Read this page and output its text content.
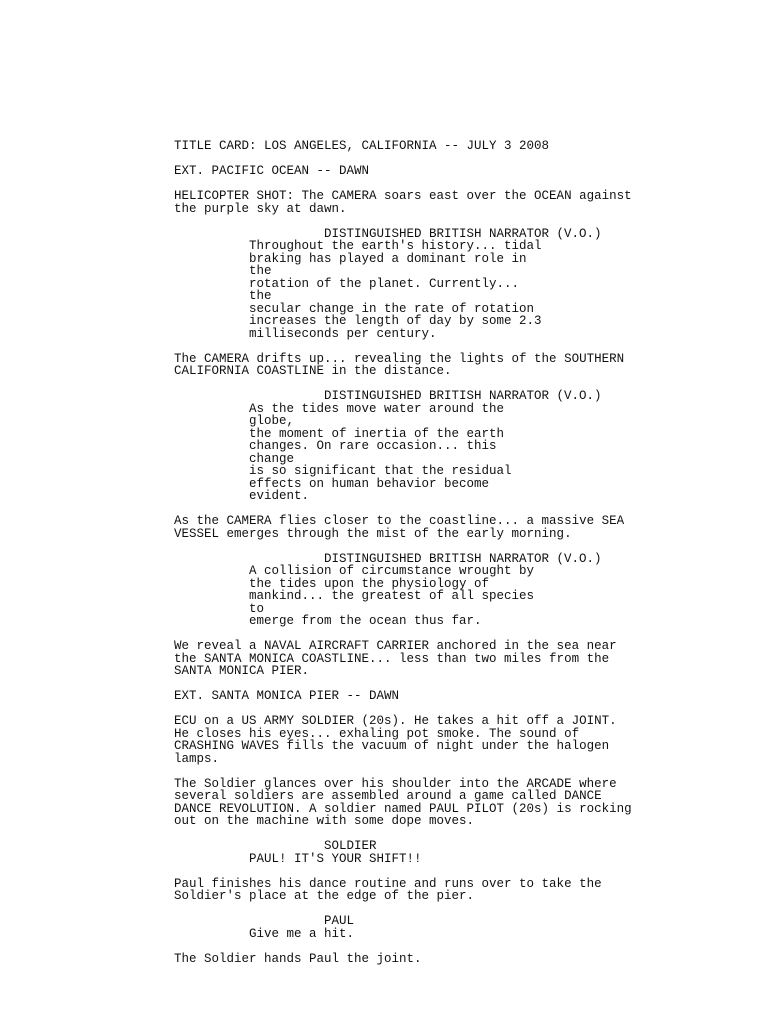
TITLE CARD: LOS ANGELES, CALIFORNIA -- JULY 3 2008
EXT. PACIFIC OCEAN -- DAWN
HELICOPTER SHOT: The CAMERA soars east over the OCEAN against
the purple sky at dawn.
DISTINGUISHED BRITISH NARRATOR (V.O.)
Throughout the earth's history... tidal
braking has played a dominant role in the
rotation of the planet. Currently... the
secular change in the rate of rotation
increases the length of day by some 2.3
milliseconds per century.
The CAMERA drifts up... revealing the lights of the SOUTHERN
CALIFORNIA COASTLINE in the distance.
DISTINGUISHED BRITISH NARRATOR (V.O.)
As the tides move water around the globe,
the moment of inertia of the earth
changes. On rare occasion... this change
is so significant that the residual
effects on human behavior become evident.
As the CAMERA flies closer to the coastline... a massive SEA
VESSEL emerges through the mist of the early morning.
DISTINGUISHED BRITISH NARRATOR (V.O.)
A collision of circumstance wrought by
the tides upon the physiology of
mankind... the greatest of all species to
emerge from the ocean thus far.
We reveal a NAVAL AIRCRAFT CARRIER anchored in the sea near
the SANTA MONICA COASTLINE... less than two miles from the
SANTA MONICA PIER.
EXT. SANTA MONICA PIER -- DAWN
ECU on a US ARMY SOLDIER (20s). He takes a hit off a JOINT.
He closes his eyes... exhaling pot smoke. The sound of
CRASHING WAVES fills the vacuum of night under the halogen
lamps.
The Soldier glances over his shoulder into the ARCADE where
several soldiers are assembled around a game called DANCE
DANCE REVOLUTION. A soldier named PAUL PILOT (20s) is rocking
out on the machine with some dope moves.
SOLDIER
PAUL! IT'S YOUR SHIFT!!
Paul finishes his dance routine and runs over to take the
Soldier's place at the edge of the pier.
PAUL
Give me a hit.
The Soldier hands Paul the joint.
